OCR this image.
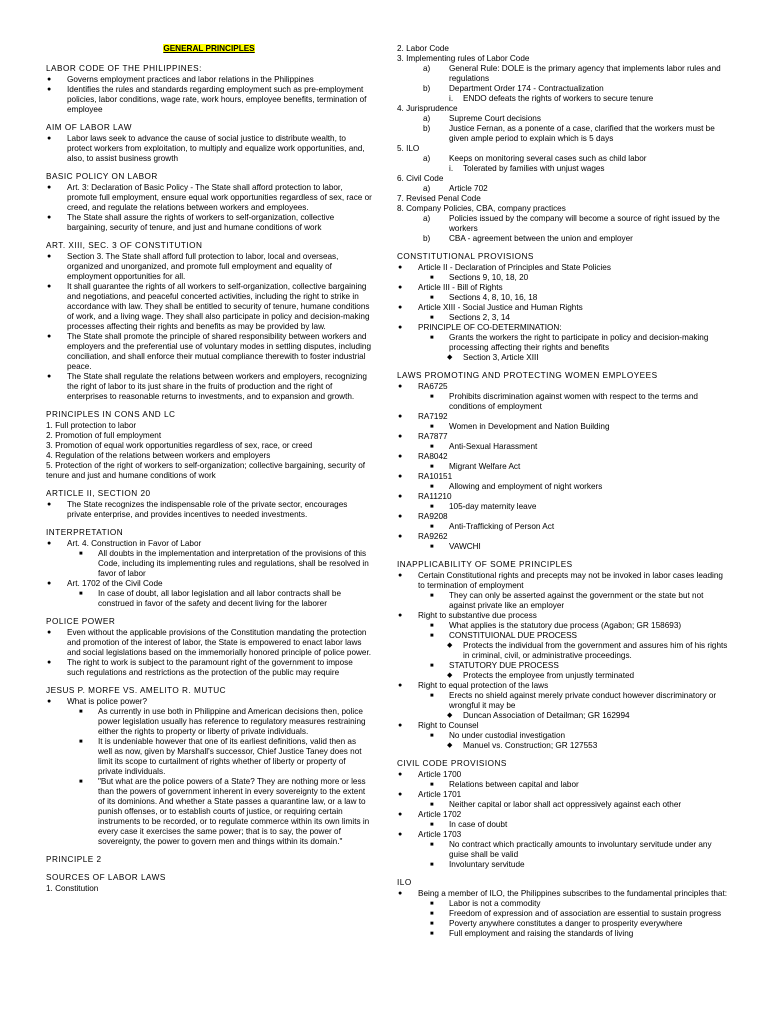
GENERAL PRINCIPLES
LABOR CODE OF THE PHILIPPINES:
● Governs employment practices and labor relations in the Philippines
● Identifies the rules and standards regarding employment such as pre-employment policies, labor conditions, wage rate, work hours, employee benefits, termination of employee
AIM OF LABOR LAW
● Labor laws seek to advance the cause of social justice to distribute wealth, to protect workers from exploitation, to multiply and equalize work opportunities, and, also, to assist business growth
BASIC POLICY ON LABOR
● Art. 3: Declaration of Basic Policy - The State shall afford protection to labor, promote full employment, ensure equal work opportunities regardless of sex, race or creed, and regulate the relations between workers and employees.
● The State shall assure the rights of workers to self-organization, collective bargaining, security of tenure, and just and humane conditions of work
ART. XIII, SEC. 3 OF CONSTITUTION
● Section 3. The State shall afford full protection to labor, local and overseas, organized and unorganized, and promote full employment and equality of employment opportunities for all.
● It shall guarantee the rights of all workers to self-organization, collective bargaining and negotiations, and peaceful concerted activities, including the right to strike in accordance with law. They shall be entitled to security of tenure, humane conditions of work, and a living wage. They shall also participate in policy and decision-making processes affecting their rights and benefits as may be provided by law.
● The State shall promote the principle of shared responsibility between workers and employers and the preferential use of voluntary modes in settling disputes, including conciliation, and shall enforce their mutual compliance therewith to foster industrial peace.
● The State shall regulate the relations between workers and employers, recognizing the right of labor to its just share in the fruits of production and the right of enterprises to reasonable returns to investments, and to expansion and growth.
PRINCIPLES IN CONS AND LC
1. Full protection to labor
2. Promotion of full employment
3. Promotion of equal work opportunities regardless of sex, race, or creed
4. Regulation of the relations between workers and employers
5. Protection of the right of workers to self-organization; collective bargaining, security of tenure and just and humane conditions of work
ARTICLE II, SECTION 20
● The State recognizes the indispensable role of the private sector, encourages private enterprise, and provides incentives to needed investments.
INTERPRETATION
● Art. 4. Construction in Favor of Labor
■ All doubts in the implementation and interpretation of the provisions of this Code, including its implementing rules and regulations, shall be resolved in favor of labor
● Art. 1702 of the Civil Code
■ In case of doubt, all labor legislation and all labor contracts shall be construed in favor of the safety and decent living for the laborer
POLICE POWER
● Even without the applicable provisions of the Constitution mandating the protection and promotion of the interest of labor, the State is empowered to enact labor laws and social legislations based on the immemorially honored principle of police power.
● The right to work is subject to the paramount right of the government to impose such regulations and restrictions as the protection of the public may require
JESUS P. MORFE VS. AMELITO R. MUTUC
● What is police power?
■ As currently in use both in Philippine and American decisions then, police power legislation usually has reference to regulatory measures restraining either the rights to property or liberty of private individuals.
■ It is undeniable however that one of its earliest definitions, valid then as well as now, given by Marshall's successor, Chief Justice Taney does not limit its scope to curtailment of rights whether of liberty or property of private individuals.
■ "But what are the police powers of a State? They are nothing more or less than the powers of government inherent in every sovereignty to the extent of its dominions. And whether a State passes a quarantine law, or a law to punish offenses, or to establish courts of justice, or requiring certain instruments to be recorded, or to regulate commerce within its own limits in every case it exercises the same power; that is to say, the power of sovereignty, the power to govern men and things within its domain."
PRINCIPLE 2
SOURCES OF LABOR LAWS
1. Constitution
2. Labor Code
3. Implementing rules of Labor Code
a) General Rule: DOLE is the primary agency that implements labor rules and regulations
b) Department Order 174 - Contractualization
i. ENDO defeats the rights of workers to secure tenure
4. Jurisprudence
a) Supreme Court decisions
b) Justice Fernan, as a ponente of a case, clarified that the workers must be given ample period to explain which is 5 days
5. ILO
a) Keeps on monitoring several cases such as child labor
i. Tolerated by families with unjust wages
6. Civil Code
a) Article 702
7. Revised Penal Code
8. Company Policies, CBA, company practices
a) Policies issued by the company will become a source of right issued by the workers
b) CBA - agreement between the union and employer
CONSTITUTIONAL PROVISIONS
● Article II - Declaration of Principles and State Policies
■ Sections 9, 10, 18, 20
● Article III - Bill of Rights
■ Sections 4, 8, 10, 16, 18
● Article XIII - Social Justice and Human Rights
■ Sections 2, 3, 14
● PRINCIPLE OF CO-DETERMINATION:
■ Grants the workers the right to participate in policy and decision-making processing affecting their rights and benefits
◆ Section 3, Article XIII
LAWS PROMOTING AND PROTECTING WOMEN EMPLOYEES
● RA6725
■ Prohibits discrimination against women with respect to the terms and conditions of employment
● RA7192
■ Women in Development and Nation Building
● RA7877
■ Anti-Sexual Harassment
● RA8042
■ Migrant Welfare Act
● RA10151
■ Allowing and employment of night workers
● RA11210
■ 105-day maternity leave
● RA9208
■ Anti-Trafficking of Person Act
● RA9262
■ VAWCHI
INAPPLICABILITY OF SOME PRINCIPLES
● Certain Constitutional rights and precepts may not be invoked in labor cases leading to termination of employment
■ They can only be asserted against the government or the state but not against private like an employer
● Right to substantive due process
■ What applies is the statutory due process (Agabon; GR 158693)
■ CONSTITUIONAL DUE PROCESS
◆ Protects the individual from the government and assures him of his rights in criminal, civil, or administrative proceedings.
■ STATUTORY DUE PROCESS
◆ Protects the employee from unjustly terminated
● Right to equal protection of the laws
■ Erects no shield against merely private conduct however discriminatory or wrongful it may be
◆ Duncan Association of Detailman; GR 162994
● Right to Counsel
■ No under custodial investigation
◆ Manuel vs. Construction; GR 127553
CIVIL CODE PROVISIONS
● Article 1700
■ Relations between capital and labor
● Article 1701
■ Neither capital or labor shall act oppressively against each other
● Article 1702
■ In case of doubt
● Article 1703
■ No contract which practically amounts to involuntary servitude under any guise shall be valid
■ Involuntary servitude
ILO
● Being a member of ILO, the Philippines subscribes to the fundamental principles that:
■ Labor is not a commodity
■ Freedom of expression and of association are essential to sustain progress
■ Poverty anywhere constitutes a danger to prosperity everywhere
■ Full employment and raising the standards of living
